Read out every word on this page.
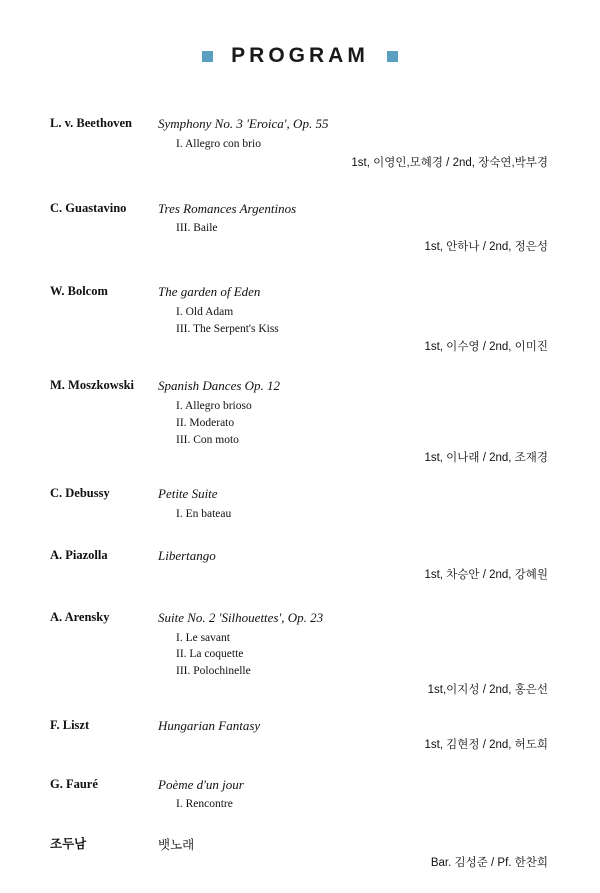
PROGRAM
L. v. Beethoven	Symphony No. 3 'Eroica', Op. 55
I. Allegro con brio
1st, 이영인,모혜경 / 2nd, 장숙연,박부경
C. Guastavino	Tres Romances Argentinos
III. Baile
1st, 안하나 / 2nd, 정은성
W. Bolcom	The garden of Eden
I. Old Adam
III. The Serpent's Kiss
1st, 이수영 / 2nd, 이미진
M. Moszkowski	Spanish Dances Op. 12
I. Allegro brioso
II. Moderato
III. Con moto
1st, 이나래 / 2nd, 조재경
C. Debussy	Petite Suite
I. En bateau
A. Piazolla	Libertango
1st, 차승안 / 2nd, 강혜원
A. Arensky	Suite No. 2 'Silhouettes', Op. 23
I. Le savant
II. La coquette
III. Polochinelle
1st,이지성 / 2nd, 홍은선
F. Liszt	Hungarian Fantasy
1st, 김현정 / 2nd, 허도희
G. Fauré	Poème d'un jour
I. Rencontre
조두남	뱃노래
Bar. 김성준 / Pf. 한찬희
